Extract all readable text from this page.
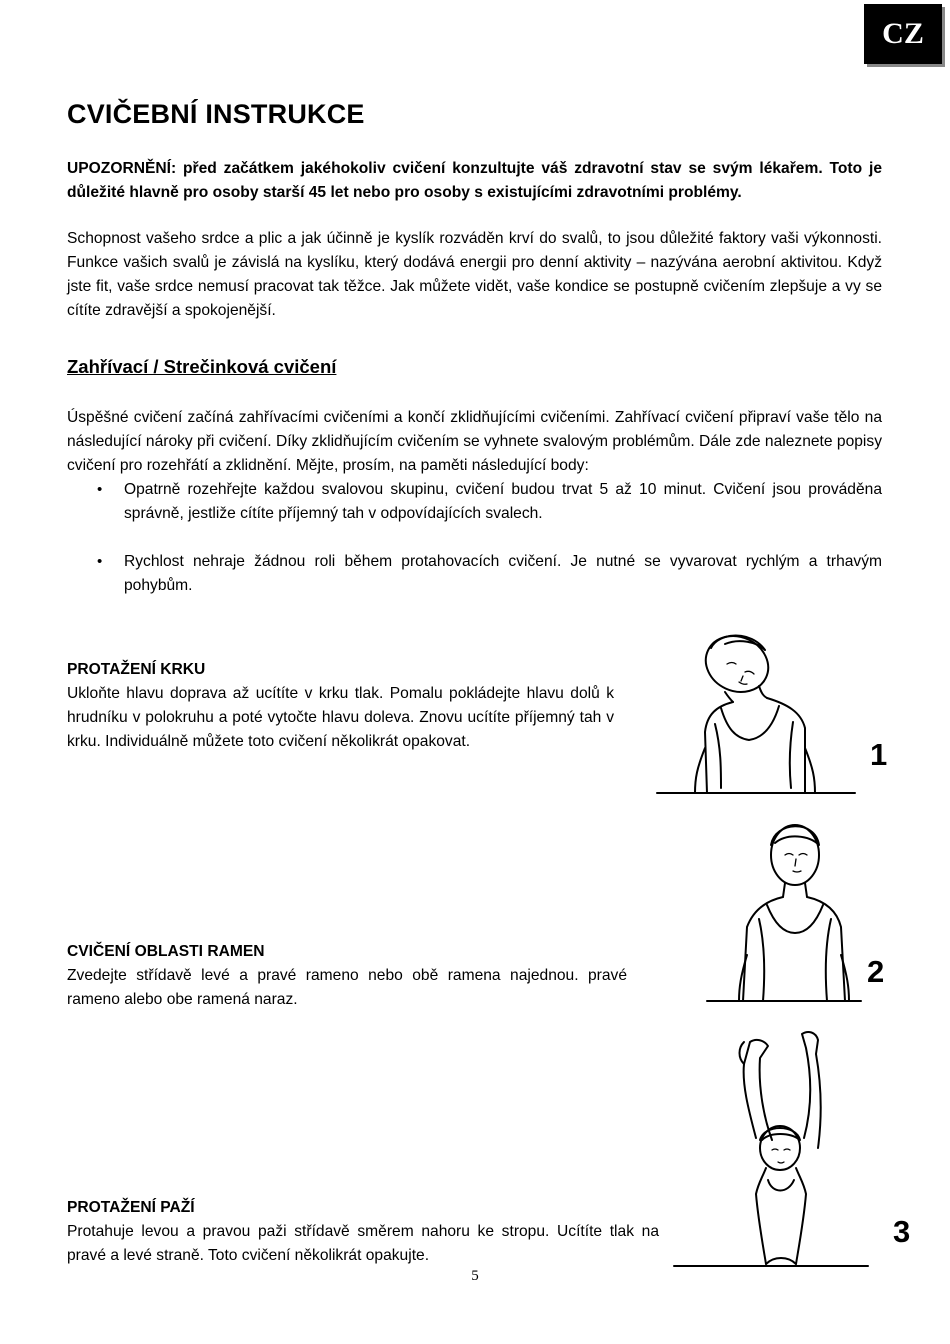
CZ
CVIČEBNÍ INSTRUKCE

UPOZORNĚNÍ: před začátkem jakéhokoliv cvičení konzultujte váš zdravotní stav se svým lékařem. Toto je důležité hlavně pro osoby starší 45 let nebo pro osoby s existujícími zdravotními problémy.

Schopnost vašeho srdce a plic a jak účinně je kyslík rozváděn krví do svalů, to jsou důležité faktory vaši výkonnosti. Funkce vašich svalů je závislá na kyslíku, který dodává energii pro denní aktivity – nazývána aerobní aktivitou. Když jste fit, vaše srdce nemusí pracovat tak těžce. Jak můžete vidět, vaše kondice se postupně cvičením zlepšuje a vy se cítíte zdravější a spokojenější.

Zahřívací / Strečinková cvičení

Úspěšné cvičení začíná zahřívacími cvičeními a končí zklidňujícími cvičeními. Zahřívací cvičení připraví vaše tělo na následující nároky při cvičení. Díky zklidňujícím cvičením se vyhnete svalovým problémům. Dále zde naleznete popisy cvičení pro rozehřátí a zklidnění. Mějte, prosím, na paměti následující body:

• Opatrně rozehřejte každou svalovou skupinu, cvičení budou trvat 5 až 10 minut. Cvičení jsou prováděna správně, jestliže cítíte příjemný tah v odpovídajících svalech.
• Rychlost nehraje žádnou roli během protahovacích cvičení. Je nutné se vyvarovat rychlým a trhavým pohybům.
PROTAŽENÍ KRKU

Ukloňte hlavu doprava až ucítíte v krku tlak. Pomalu pokládejte hlavu dolů k hrudníku v polokruhu a poté vytočte hlavu doleva. Znovu ucítíte příjemný tah v krku. Individuálně můžete toto cvičení několikrát opakovat.	1
CVIČENÍ OBLASTI RAMEN

Zvedejte střídavě levé a pravé rameno nebo obě ramena najednou. pravé rameno alebo obe ramená naraz.

2
PROTAŽENÍ PAŽÍ

Protahuje levou a pravou paži střídavě směrem nahoru ke stropu. Ucítíte tlak na pravé a levé straně. Toto cvičení několikrát opakujte.

3
5
